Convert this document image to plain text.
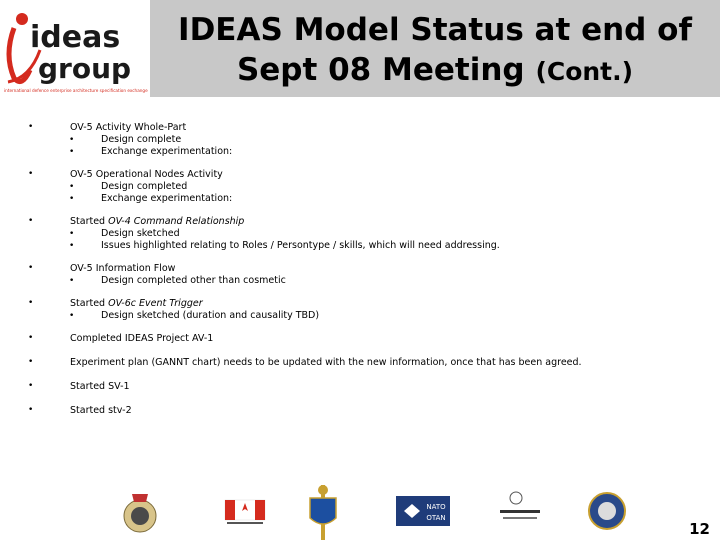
ideas
group
international defence enterprise architecture specification exchange
IDEAS Model Status at end of
Sept 08 Meeting (Cont.)
•	OV-5 Activity Whole-Part
•	Design complete
•	Exchange experimentation:
•	OV-5 Operational Nodes Activity
•	Design completed
•	Exchange experimentation:
•	Started OV-4 Command Relationship
•	Design sketched
•	Issues highlighted relating to Roles / Persontype / skills, which will need addressing.
•	OV-5 Information Flow
•	Design completed other than cosmetic
•	Started OV-6c Event Trigger
•	Design sketched (duration and causality TBD)
•	Completed IDEAS Project AV-1
•	Experiment plan (GANNT chart) needs to be updated with the new information, once that has been agreed.
•	Started SV-1
•	Started stv-2
NATO
OTAN
12
